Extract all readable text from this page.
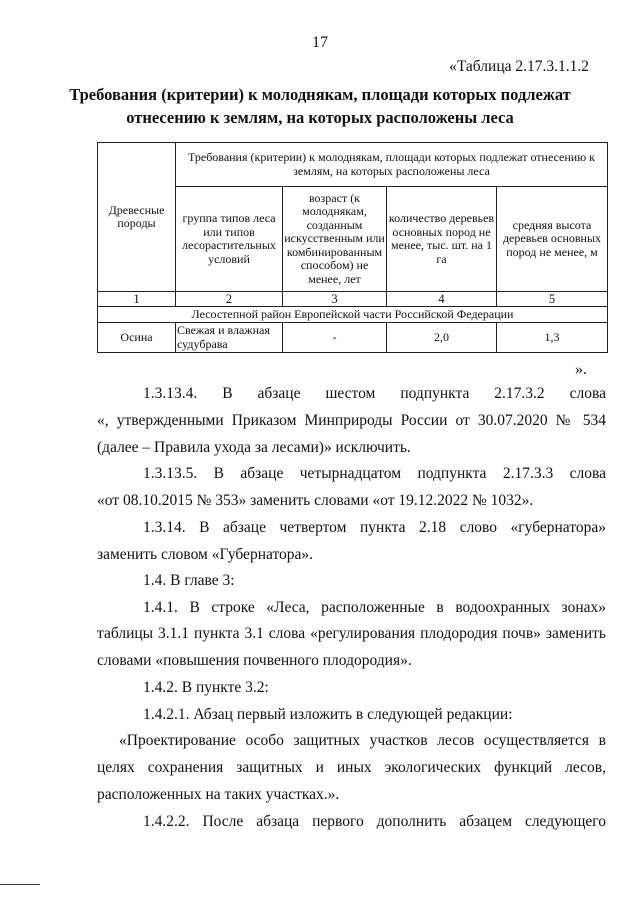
17
«Таблица 2.17.3.1.1.2
Требования (критерии) к молоднякам, площади которых подлежат
отнесению к землям, на которых расположены леса
Древесные породы	Требования (критерии) к молоднякам, площади которых подлежат отнесению к землям, на которых расположены леса			
	группа типов леса или типов лесорастительных условий	возраст (к молоднякам, созданным искусственным или комбинированным способом) не менее, лет	количество деревьев основных пород не менее, тыс. шт. на 1 га	средняя высота деревьев основных пород не менее, м
1	2	3	4	5
Лесостепной район Европейской части Российской Федерации				
Осина	Свежая и влажная судубрава	-	2,0	1,3
».
1.3.13.4. В абзаце шестом подпункта 2.17.3.2 слова
«, утвержденными Приказом Минприроды России от 30.07.2020 № 534
(далее – Правила ухода за лесами)» исключить.
1.3.13.5. В абзаце четырнадцатом подпункта 2.17.3.3 слова
«от 08.10.2015 № 353» заменить словами «от 19.12.2022 № 1032».
1.3.14. В абзаце четвертом пункта 2.18 слово «губернатора»
заменить словом «Губернатора».
1.4. В главе 3:
1.4.1. В строке «Леса, расположенные в водоохранных зонах»
таблицы 3.1.1 пункта 3.1 слова «регулирования плодородия почв» заменить
словами «повышения почвенного плодородия».
1.4.2. В пункте 3.2:
1.4.2.1. Абзац первый изложить в следующей редакции:
«Проектирование особо защитных участков лесов осуществляется в
целях сохранения защитных и иных экологических функций лесов,
расположенных на таких участках.».
1.4.2.2. После абзаца первого дополнить абзацем следующего
